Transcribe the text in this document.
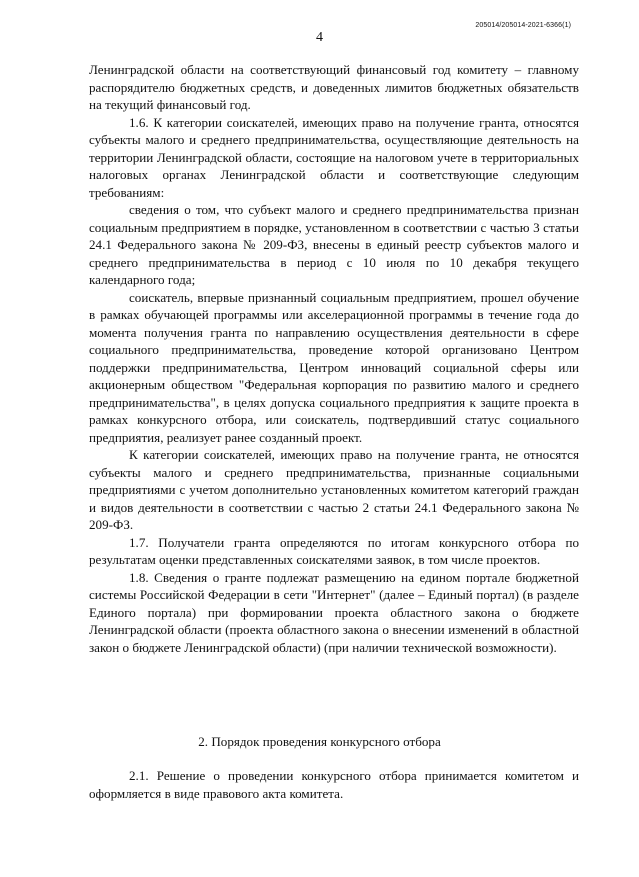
4
205014/205014-2021-6366(1)

Ленинградской области на соответствующий финансовый год комитету – главному распорядителю бюджетных средств, и доведенных лимитов бюджетных обязательств на текущий финансовый год.

1.6. К категории соискателей, имеющих право на получение гранта, относятся субъекты малого и среднего предпринимательства, осуществляющие деятельность на территории Ленинградской области, состоящие на налоговом учете в территориальных налоговых органах Ленинградской области и соответствующие следующим требованиям:

сведения о том, что субъект малого и среднего предпринимательства признан социальным предприятием в порядке, установленном в соответствии с частью 3 статьи 24.1 Федерального закона № 209-ФЗ, внесены в единый реестр субъектов малого и среднего предпринимательства в период с 10 июля по 10 декабря текущего календарного года;

соискатель, впервые признанный социальным предприятием, прошел обучение в рамках обучающей программы или акселерационной программы в течение года до момента получения гранта по направлению осуществления деятельности в сфере социального предпринимательства, проведение которой организовано Центром поддержки предпринимательства, Центром инноваций социальной сферы или акционерным обществом "Федеральная корпорация по развитию малого и среднего предпринимательства", в целях допуска социального предприятия к защите проекта в рамках конкурсного отбора, или соискатель, подтвердивший статус социального предприятия, реализует ранее созданный проект.

К категории соискателей, имеющих право на получение гранта, не относятся субъекты малого и среднего предпринимательства, признанные социальными предприятиями с учетом дополнительно установленных комитетом категорий граждан и видов деятельности в соответствии с частью 2 статьи 24.1 Федерального закона № 209-ФЗ.

1.7. Получатели гранта определяются по итогам конкурсного отбора по результатам оценки представленных соискателями заявок, в том числе проектов.

1.8. Сведения о гранте подлежат размещению на едином портале бюджетной системы Российской Федерации в сети "Интернет" (далее – Единый портал) (в разделе Единого портала) при формировании проекта областного закона о бюджете Ленинградской области (проекта областного закона о внесении изменений в областной закон о бюджете Ленинградской области) (при наличии технической возможности).

2. Порядок проведения конкурсного отбора
2.1. Решение о проведении конкурсного отбора принимается комитетом и оформляется в виде правового акта комитета.
